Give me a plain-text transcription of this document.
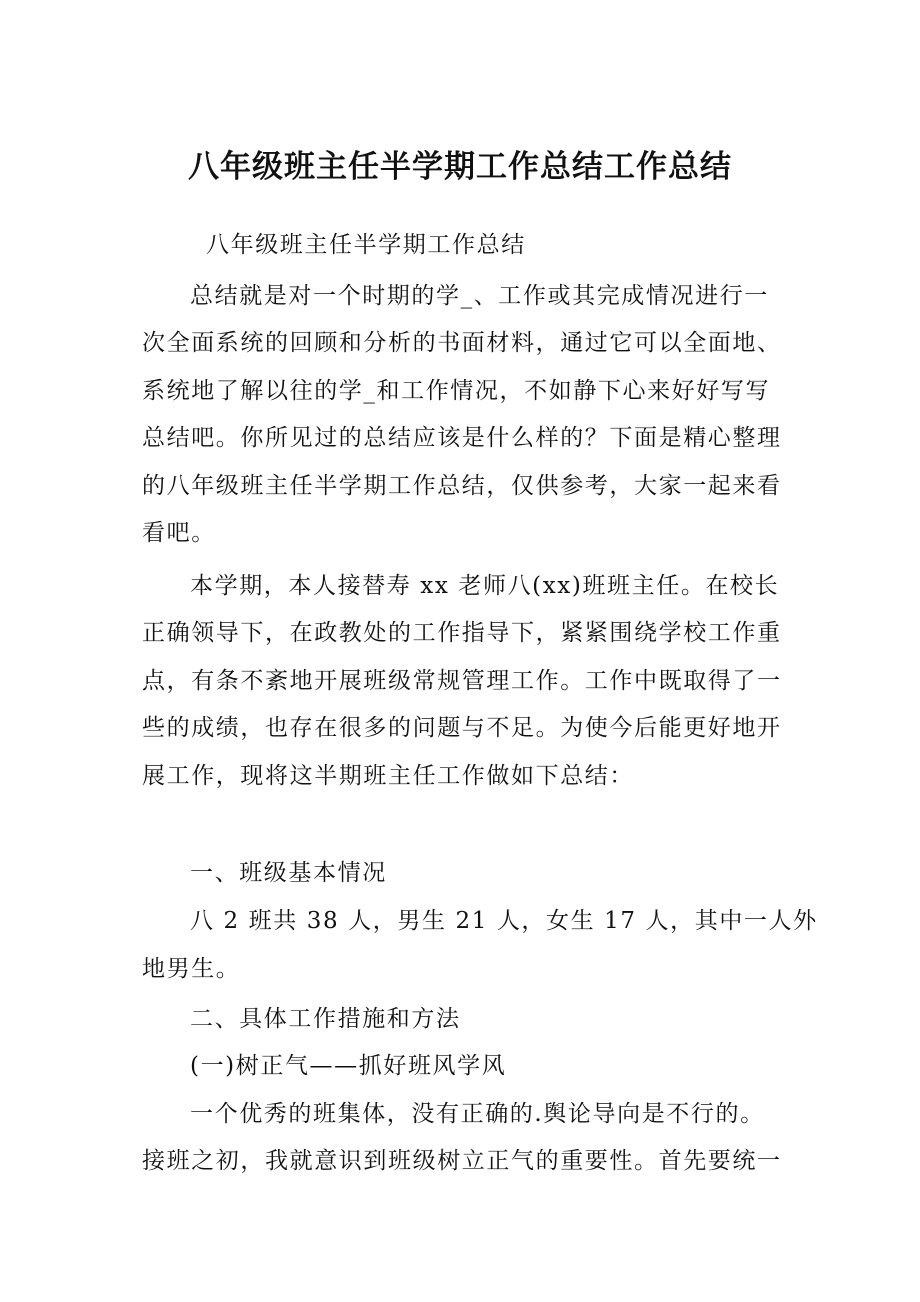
八年级班主任半学期工作总结工作总结

八年级班主任半学期工作总结

总结就是对一个时期的学_、工作或其完成情况进行一

次全面系统的回顾和分析的书面材料，通过它可以全面地、

系统地了解以往的学_和工作情况，不如静下心来好好写写

总结吧。你所见过的总结应该是什么样的？下面是精心整理

的八年级班主任半学期工作总结，仅供参考，大家一起来看

看吧。

本学期，本人接替寿 xx 老师八(xx)班班主任。在校长

正确领导下，在政教处的工作指导下，紧紧围绕学校工作重

点，有条不紊地开展班级常规管理工作。工作中既取得了一

些的成绩，也存在很多的问题与不足。为使今后能更好地开

展工作，现将这半期班主任工作做如下总结：

一、班级基本情况

八 2 班共 38 人，男生 21 人，女生 17 人，其中一人外

地男生。

二、具体工作措施和方法

(一)树正气——抓好班风学风

一个优秀的班集体，没有正确的.舆论导向是不行的。

接班之初，我就意识到班级树立正气的重要性。首先要统一
